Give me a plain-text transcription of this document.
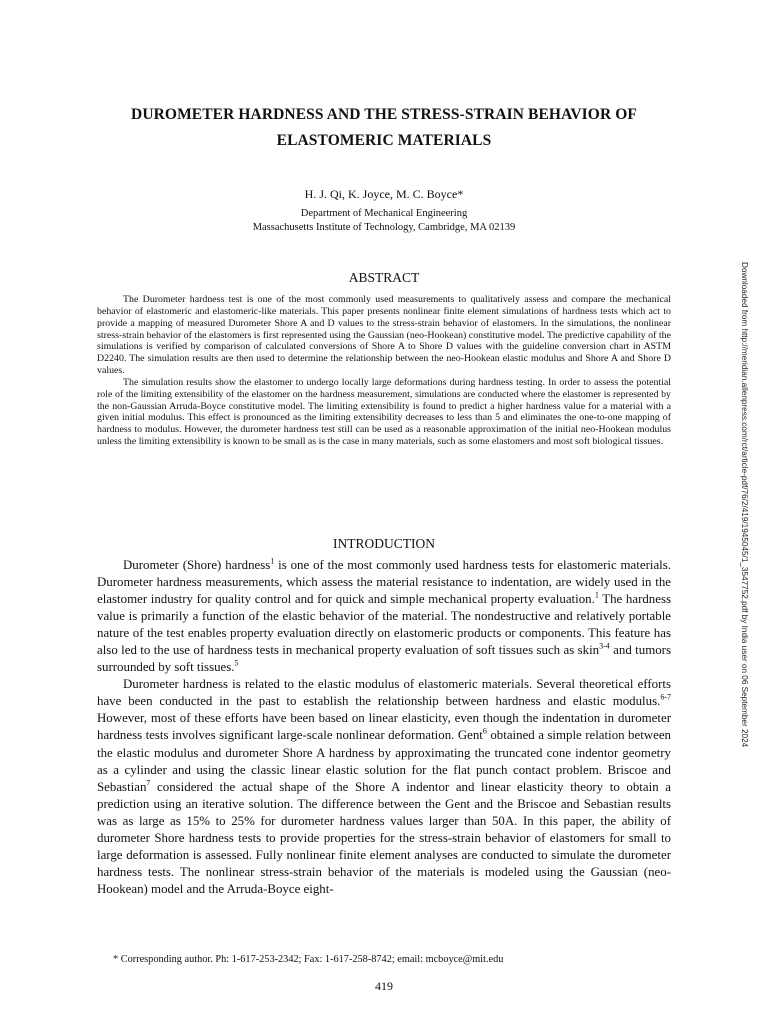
DUROMETER HARDNESS AND THE STRESS-STRAIN BEHAVIOR OF
ELASTOMERIC MATERIALS
H. J. Qi, K. Joyce, M. C. Boyce*
Department of Mechanical Engineering
Massachusetts Institute of Technology, Cambridge, MA 02139
ABSTRACT

The Durometer hardness test is one of the most commonly used measurements to qualitatively assess and compare the mechanical behavior of elastomeric and elastomeric-like materials. This paper presents nonlinear finite element simulations of hardness tests which act to provide a mapping of measured Durometer Shore A and D values to the stress-strain behavior of elastomers. In the simulations, the nonlinear stress-strain behavior of the elastomers is first represented using the Gaussian (neo-Hookean) constitutive model. The predictive capability of the simulations is verified by comparison of calculated conversions of Shore A to Shore D values with the guideline conversion chart in ASTM D2240. The simulation results are then used to determine the relationship between the neo-Hookean elastic modulus and Shore A and Shore D values.

The simulation results show the elastomer to undergo locally large deformations during hardness testing. In order to assess the potential role of the limiting extensibility of the elastomer on the hardness measurement, simulations are conducted where the elastomer is represented by the non-Gaussian Arruda-Boyce constitutive model. The limiting extensibility is found to predict a higher hardness value for a material with a given initial modulus. This effect is pronounced as the limiting extensibility decreases to less than 5 and eliminates the one-to-one mapping of hardness to modulus. However, the durometer hardness test still can be used as a reasonable approximation of the initial neo-Hookean modulus unless the limiting extensibility is known to be small as is the case in many materials, such as some elastomers and most soft biological tissues.

INTRODUCTION

Durometer (Shore) hardness$^1$ is one of the most commonly used hardness tests for elastomeric materials. Durometer hardness measurements, which assess the material resistance to indentation, are widely used in the elastomer industry for quality control and for quick and simple mechanical property evaluation.$^1$ The hardness value is primarily a function of the elastic behavior of the material. The nondestructive and relatively portable nature of the test enables property evaluation directly on elastomeric products or components. This feature has also led to the use of hardness tests in mechanical property evaluation of soft tissues such as skin$^{3-4}$ and tumors surrounded by soft tissues.$^5$

Durometer hardness is related to the elastic modulus of elastomeric materials. Several theoretical efforts have been conducted in the past to establish the relationship between hardness and elastic modulus.$^{6-7}$ However, most of these efforts have been based on linear elasticity, even though the indentation in durometer hardness tests involves significant large-scale nonlinear deformation. Gent$^6$ obtained a simple relation between the elastic modulus and durometer Shore A hardness by approximating the truncated cone indentor geometry as a cylinder and using the classic linear elastic solution for the flat punch contact problem. Briscoe and Sebastian$^7$ considered the actual shape of the Shore A indentor and linear elasticity theory to obtain a prediction using an iterative solution. The difference between the Gent and the Briscoe and Sebastian results was as large as 15% to 25% for durometer hardness values larger than 50A. In this paper, the ability of durometer Shore hardness tests to provide properties for the stress-strain behavior of elastomers for small to large deformation is assessed. Fully nonlinear finite element analyses are conducted to simulate the durometer hardness tests. The nonlinear stress-strain behavior of the materials is modeled using the Gaussian (neo-Hookean) model and the Arruda-Boyce eight-

* Corresponding author. Ph: 1-617-253-2342; Fax: 1-617-258-8742; email: mcboyce@mit.edu
419
Downloaded from http://meridian.allenpress.com/rct/article-pdf/76/2/419/1945045/1_3547752.pdf by India user on 06 September 2024
